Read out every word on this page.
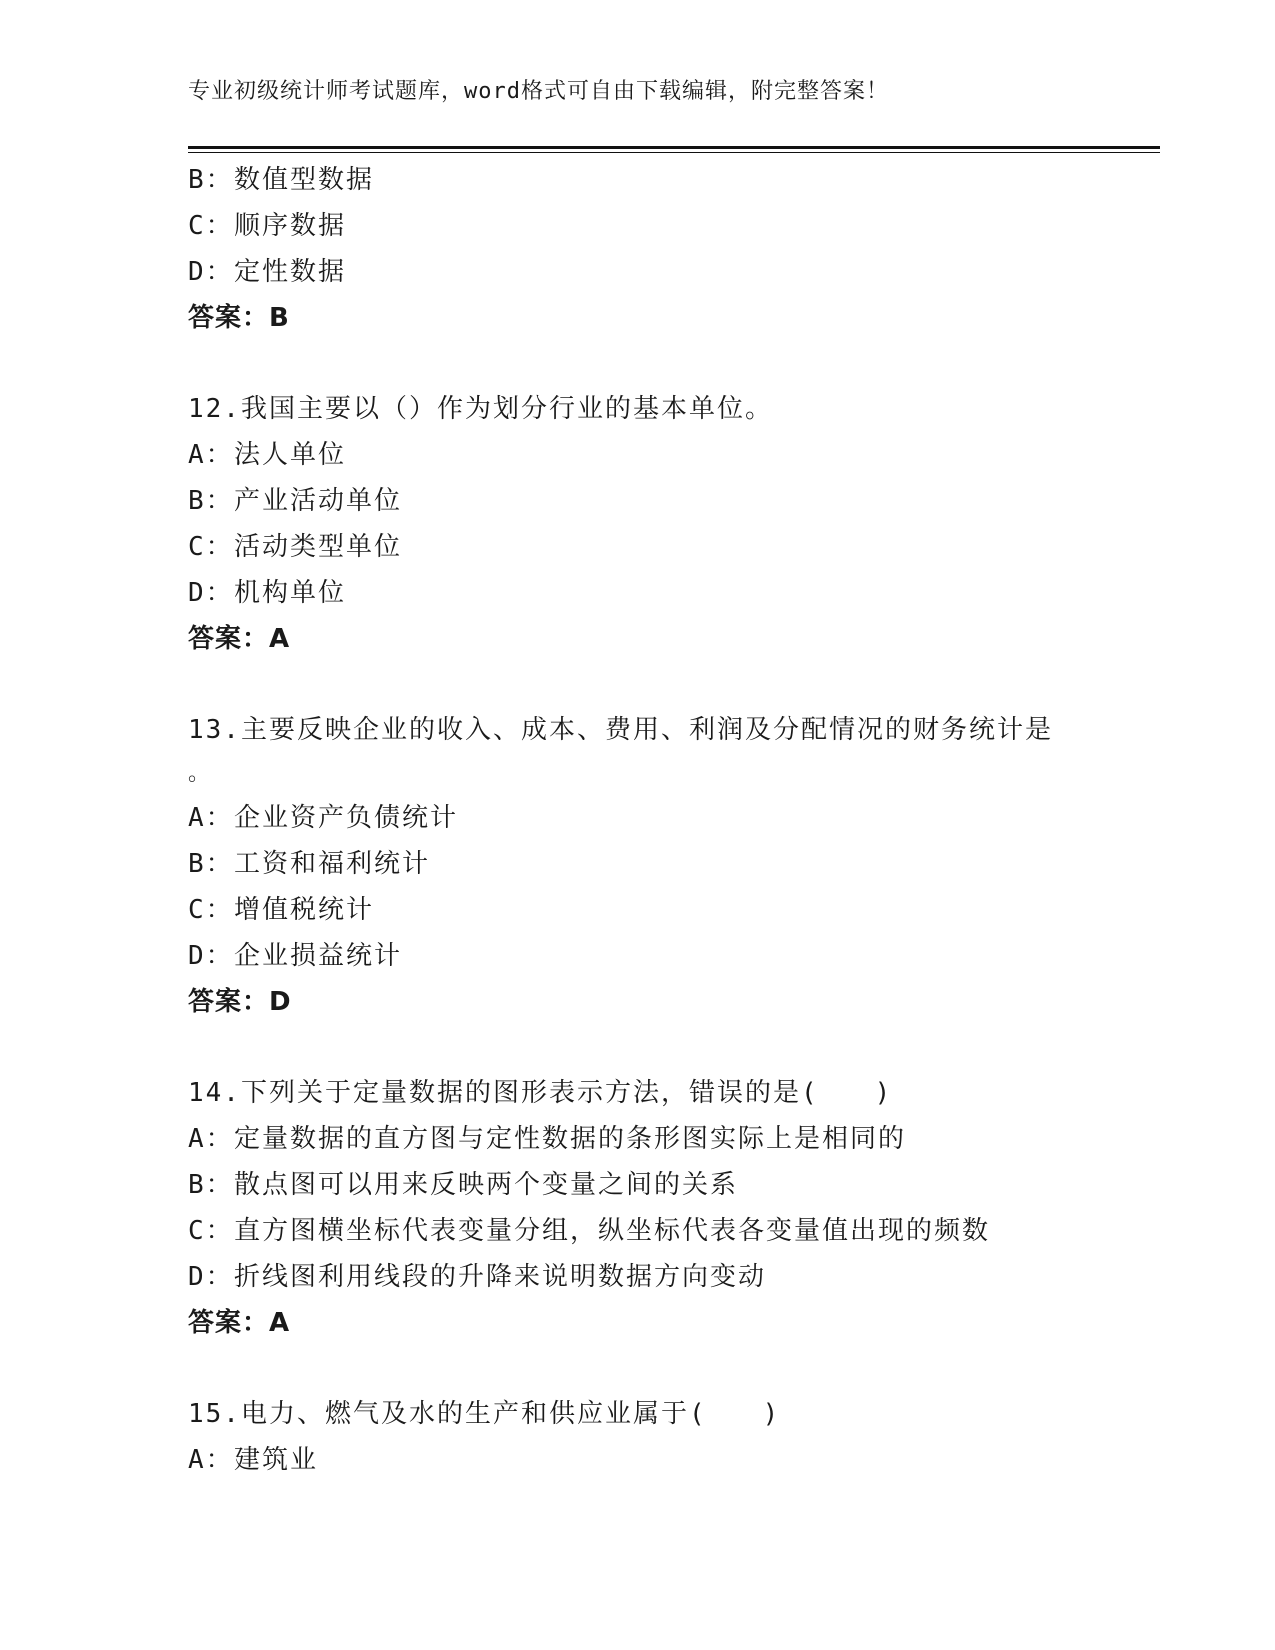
专业初级统计师考试题库，word格式可自由下载编辑，附完整答案！
B：数值型数据
C：顺序数据
D：定性数据
答案：B
12.我国主要以（）作为划分行业的基本单位。
A：法人单位
B：产业活动单位
C：活动类型单位
D：机构单位
答案：A
13.主要反映企业的收入、成本、费用、利润及分配情况的财务统计是
。
A：企业资产负债统计
B：工资和福利统计
C：增值税统计
D：企业损益统计
答案：D
14.下列关于定量数据的图形表示方法，错误的是(　　)
A：定量数据的直方图与定性数据的条形图实际上是相同的
B：散点图可以用来反映两个变量之间的关系
C：直方图横坐标代表变量分组，纵坐标代表各变量值出现的频数
D：折线图利用线段的升降来说明数据方向变动
答案：A
15.电力、燃气及水的生产和供应业属于(　　)
A：建筑业
